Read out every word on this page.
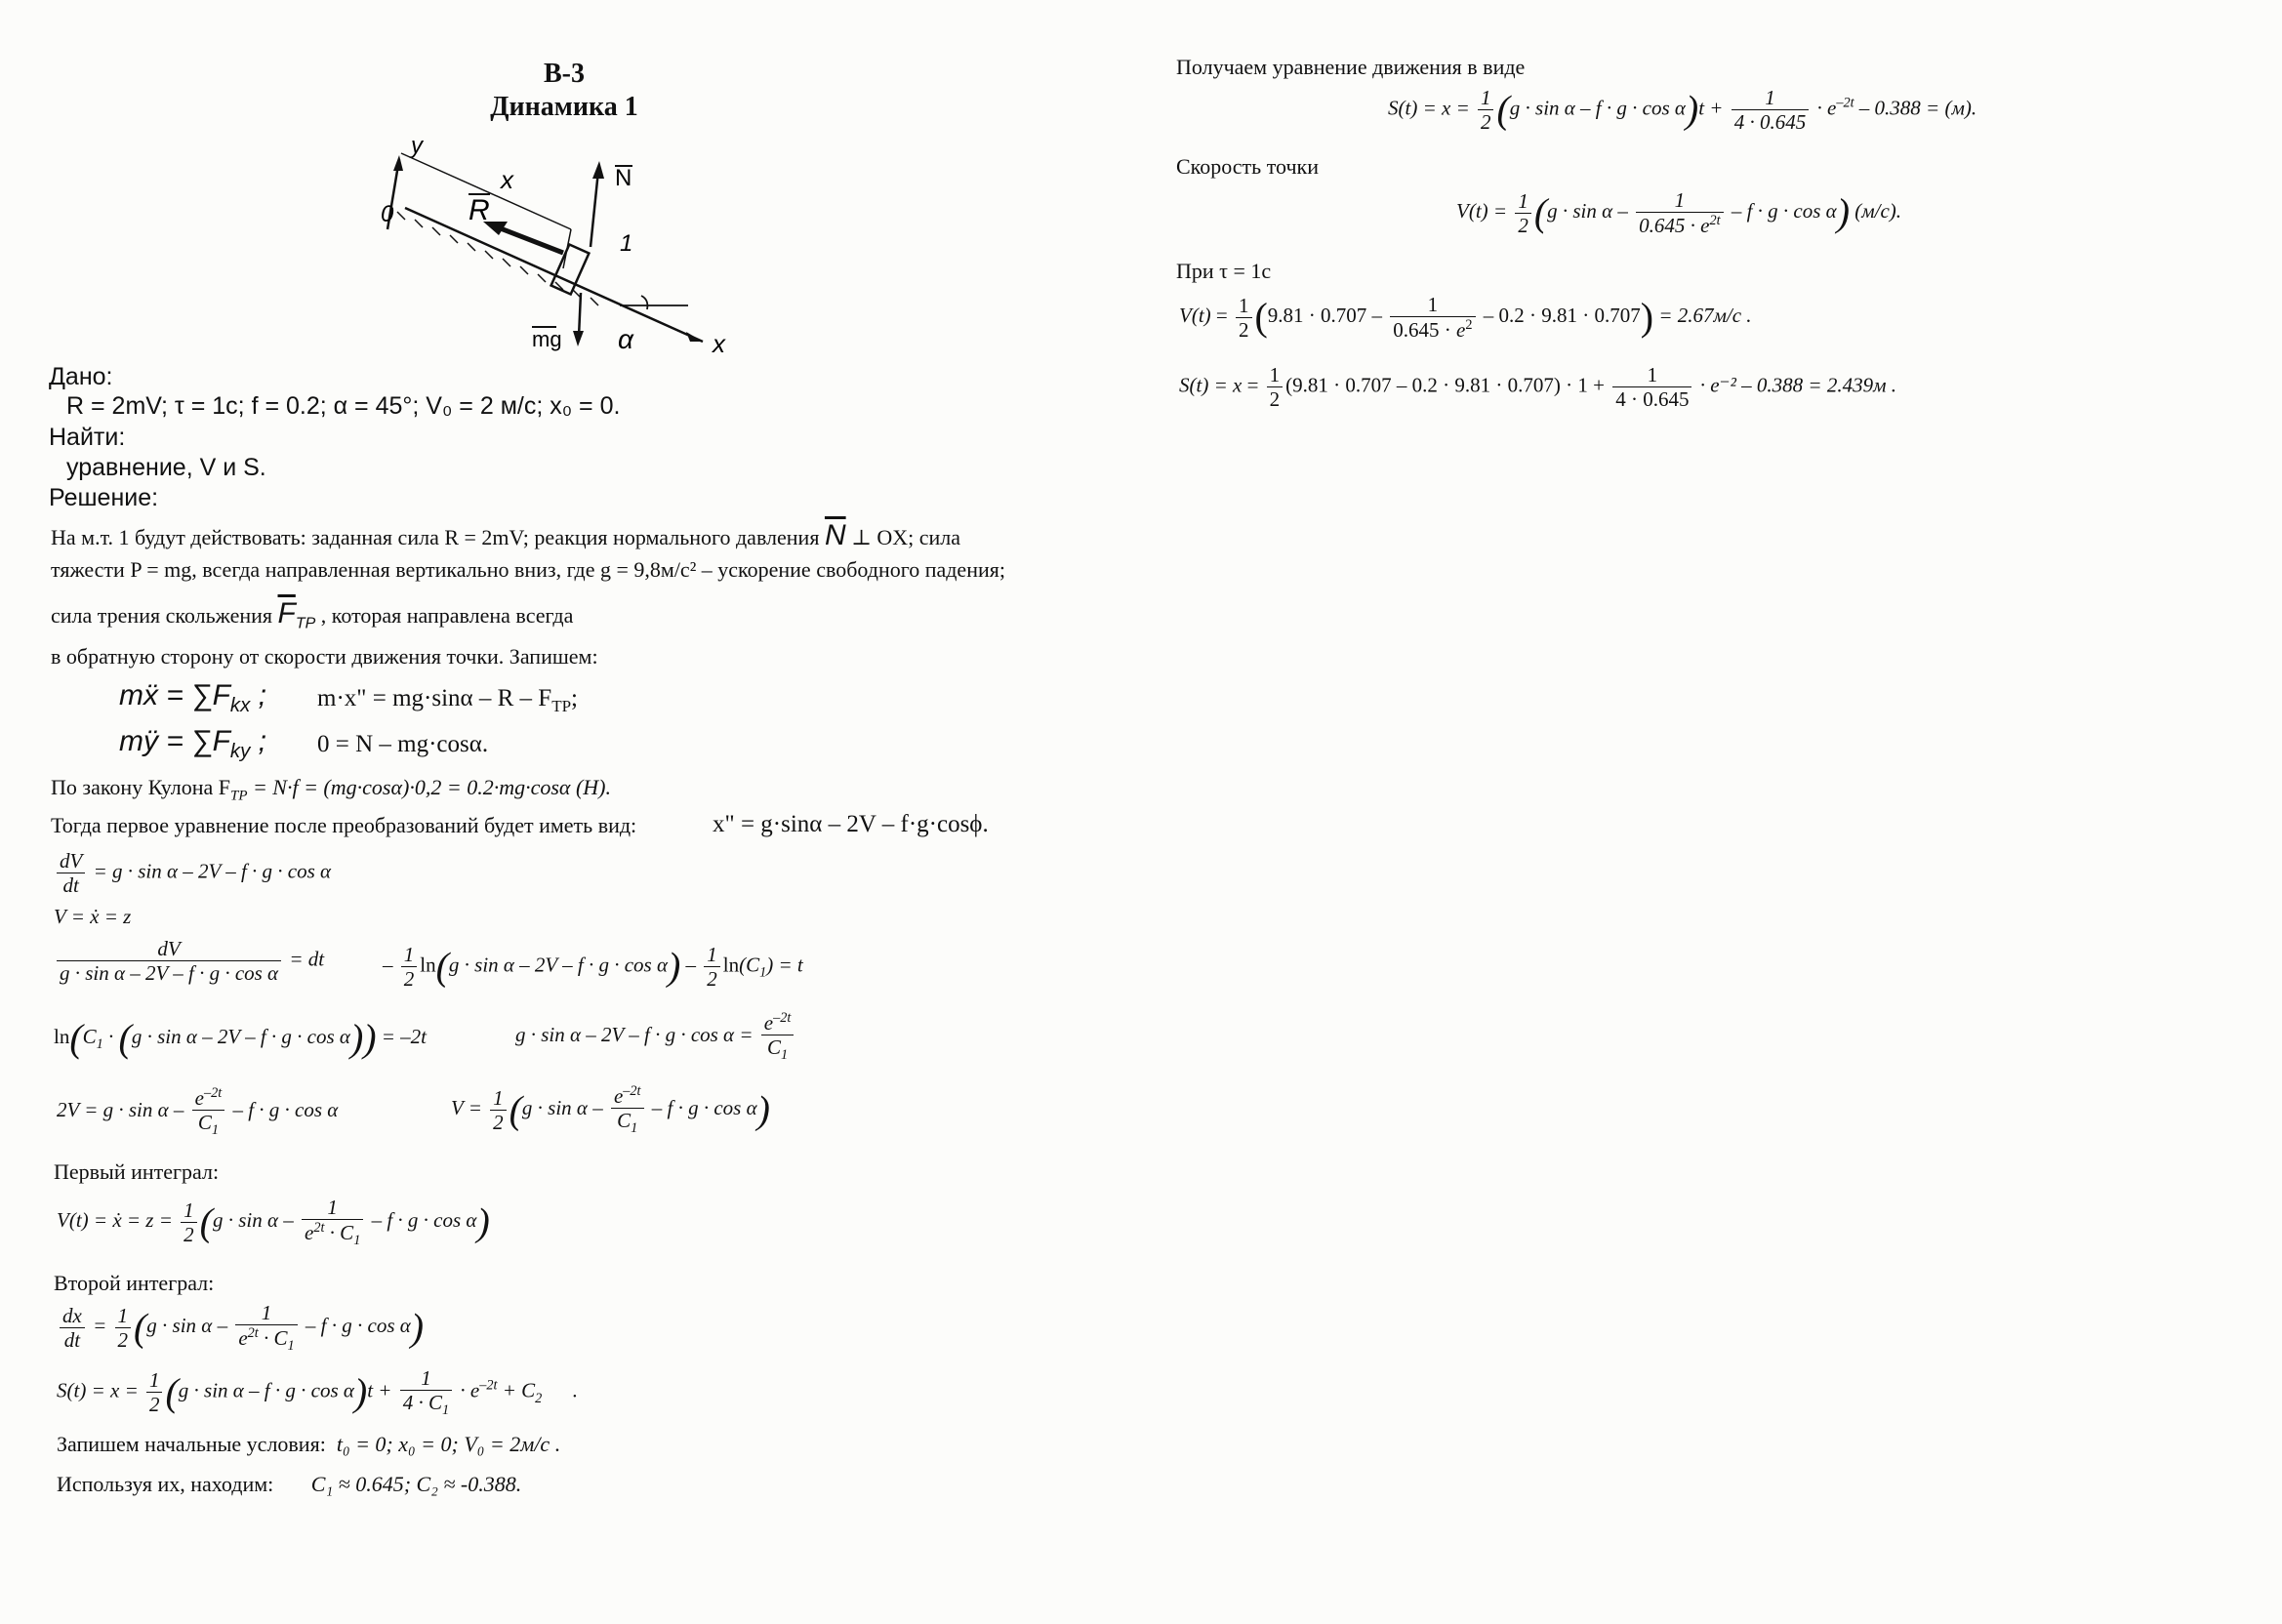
В-3
Динамика 1
y
0
x
x
R
N
1
mg α
Дано:
R = 2mV; τ = 1c; f = 0.2; α = 45°; V₀ = 2 м/с; x₀ = 0.
Найти:
уравнение, V и S.
Решение:
На м.т. 1 будут действовать: заданная сила R = 2mV; реакция нормального давления $\overline{N}$ ⊥ OX; сила
тяжести P = mg, всегда направленная вертикально вниз, где g = 9,8м/с² – ускорение свободного падения;
сила трения скольжения $\overline{F}_{ТР}$ , которая направлена всегда
в обратную сторону от скорости движения точки. Запишем:
mẍ = $\sum F_{kx}$ ; m·x" = $mg\cdot\sin\alpha - R - F_{ТР}$;
mÿ = $\sum F_{ky}$ ; 0 = N – mg·cosα.
По закону Кулона $F_{ТР} = N\cdot f = (mg\cdot\cos\alpha)\cdot 0,2 = 0.2\cdot mg\cdot\cos\alpha$ (Н).
Тогда первое уравнение после преобразований будет иметь вид:	x" = g·sinα – 2V – f·g·cosϕ.
$\frac{dV}{dt} = g \cdot \sin \alpha - 2V - f \cdot g \cdot \cos \alpha$
V = ẋ = z
$\frac{dV}{\text{g · sin α – 2V – f · g · cos α}}$ = dt	– $\frac{1}{2} \ln(g \cdot \sin \alpha - 2V - f \cdot g \cdot \cos \alpha) - \frac{1}{2} \ln(C_1) = t$
$\ln(C_1 \cdot (g \cdot \sin \alpha - 2V - f \cdot g \cdot \cos \alpha)) = -2t$	$g \cdot \sin \alpha - 2V - f \cdot g \cdot \cos \alpha = \frac{e^{-2t}}{C_1}$
$2V = g \cdot \sin \alpha - \frac{e^{-2t}}{C_1} - f \cdot g \cdot \cos \alpha$	$V = \frac{1}{2} (g \cdot \sin \alpha - \frac{e^{-2t}}{C_1} - f \cdot g \cdot \cos \alpha)$
Первый интеграл:
V(t) = ẋ = $z = \frac{1}{2} (g \cdot \sin \alpha - \frac{1}{e^{2t} \cdot C_1} - f \cdot g \cdot \cos \alpha)$
Второй интеграл:
$\frac{dx}{dt} = \frac{1}{2} (g \cdot \sin \alpha - \frac{1}{e^{2t} \cdot C_1} - f \cdot g \cdot \cos \alpha)$
$S(t) = x = \frac{1}{2} (g \cdot \sin \alpha - f \cdot g \cdot \cos \alpha)t + \frac{1}{4 \cdot C_1} \cdot e^{-2t} + C_2$      .
Запишем начальные условия: t₀ = 0; x₀ = 0; V₀ = 2м/с .
Используя их, находим: C₁ ≈ 0.645; C₂ ≈ -0.388.
Получаем уравнение движения в виде
$S(t) = x = \frac{1}{2} (g \cdot \sin \alpha - f \cdot g \cdot \cos \alpha)t + \frac{1}{4 \cdot 0.645} \cdot e^{-2t} - 0.388 = (м)$.
Скорость точки
$V(t) = \frac{1}{2} (g \cdot \sin \alpha - \frac{1}{0.645 \cdot e^{2t}} - f \cdot g \cdot \cos \alpha)$ (м/с).
При τ = 1с
$V(t) = \frac{1}{2} (9.81 \cdot 0.707 - \frac{1}{0.645 \cdot e^2} - 0.2 \cdot 9.81 \cdot 0.707) = 2.67м/с$ .
$S(t) = x = \frac{1}{2} (9.81 \cdot 0.707 - 0.2 \cdot 9.81 \cdot 0.707) \cdot 1 + \frac{1}{4 \cdot 0.645} \cdot e^{-2} - 0.388 = 2.439м$ .
